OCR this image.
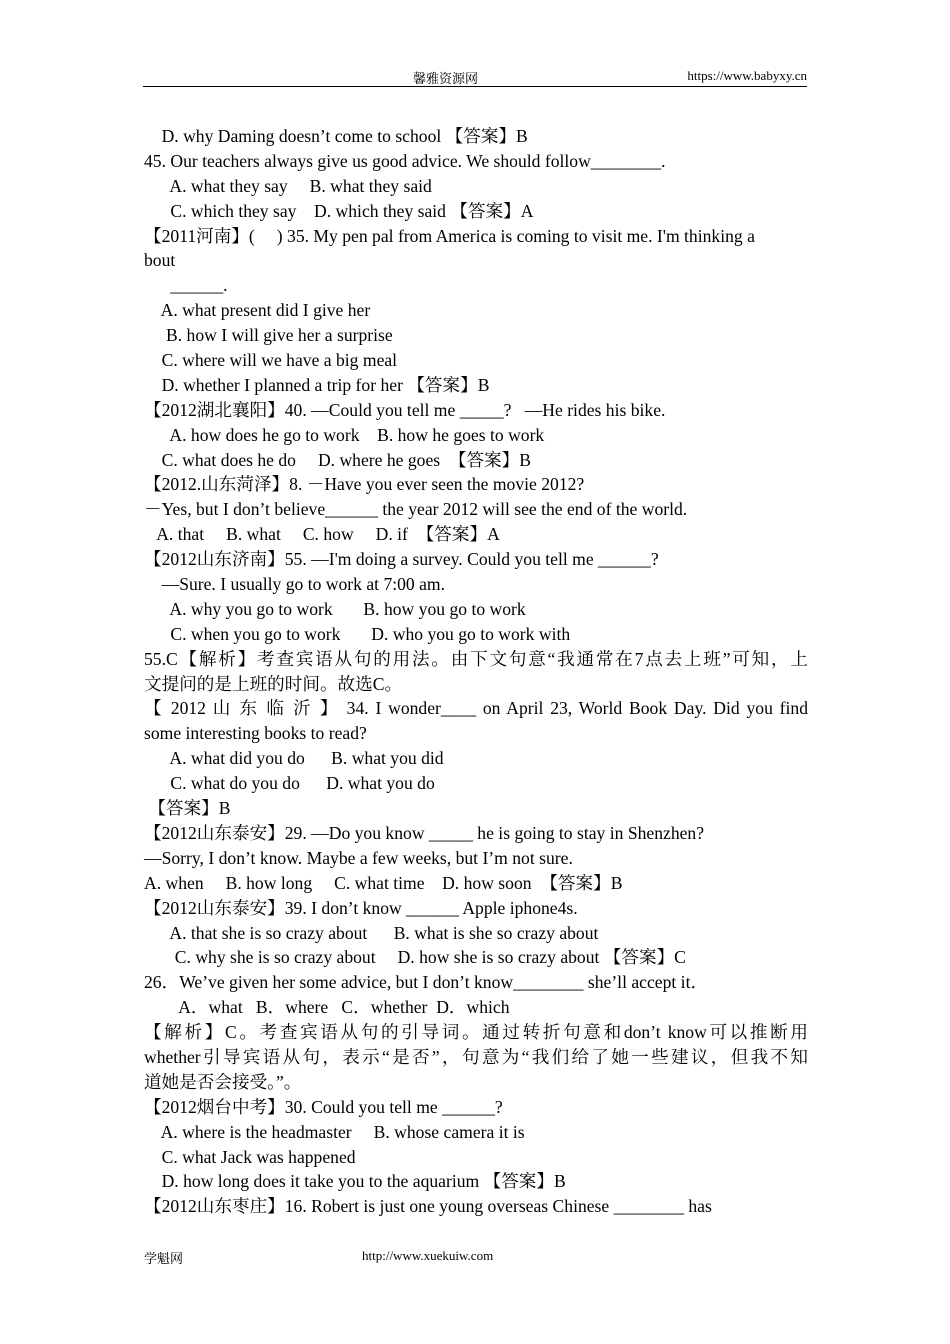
馨雅资源网	https://www.babyxy.cn
D. why Daming doesn’t come to school 【答案】B
45. Our teachers always give us good advice. We should follow________.
A. what they say     B. what they said
C. which they say    D. which they said 【答案】A
【2011河南】(     ) 35. My pen pal from America is coming to visit me. I'm thinking a
bout
______.
A. what present did I give her
B. how I will give her a surprise
C. where will we have a big meal
D. whether I planned a trip for her 【答案】B
【2012湖北襄阳】40. —Could you tell me _____?   —He rides his bike.
A. how does he go to work    B. how he goes to work
C. what does he do     D. where he goes  【答案】B
【2012.山东菏泽】8. －Have you ever seen the movie 2012?
－Yes, but I don’t believe______ the year 2012 will see the end of the world.
A. that     B. what     C. how     D. if  【答案】A
【2012山东济南】55. —I'm doing a survey. Could you tell me ______?
—Sure. I usually go to work at 7:00 am.
A. why you go to work       B. how you go to work
C. when you go to work       D. who you go to work with
55.C【解析】考查宾语从句的用法。由下文句意“我通常在7点去上班”可知，上
文提问的是上班的时间。故选C。
【 2012 山 东 临 沂 】 34. I wonder____ on April 23, World Book Day. Did you find
some interesting books to read?
A. what did you do      B. what you did
C. what do you do      D. what you do
【答案】B
【2012山东泰安】29. —Do you know _____ he is going to stay in Shenzhen?
—Sorry, I don’t know. Maybe a few weeks, but I’m not sure.
A. when     B. how long     C. what time    D. how soon  【答案】B
【2012山东泰安】39. I don’t know ______ Apple iphone4s.
A. that she is so crazy about      B. what is she so crazy about
C. why she is so crazy about     D. how she is so crazy about 【答案】C
26．We’ve given her some advice, but I don’t know________ she’ll accept it．
A．what   B．where   C．whether  D．which
【解析】C。考查宾语从句的引导词。通过转折句意和don’t know可以推断用
whether引导宾语从句，表示“是否”，句意为“我们给了她一些建议，但我不知
道她是否会接受。”。
【2012烟台中考】30. Could you tell me ______?
A. where is the headmaster     B. whose camera it is
C. what Jack was happened
D. how long does it take you to the aquarium 【答案】B
【2012山东枣庄】16. Robert is just one young overseas Chinese ________ has
学魁网	http://www.xuekuiw.com
